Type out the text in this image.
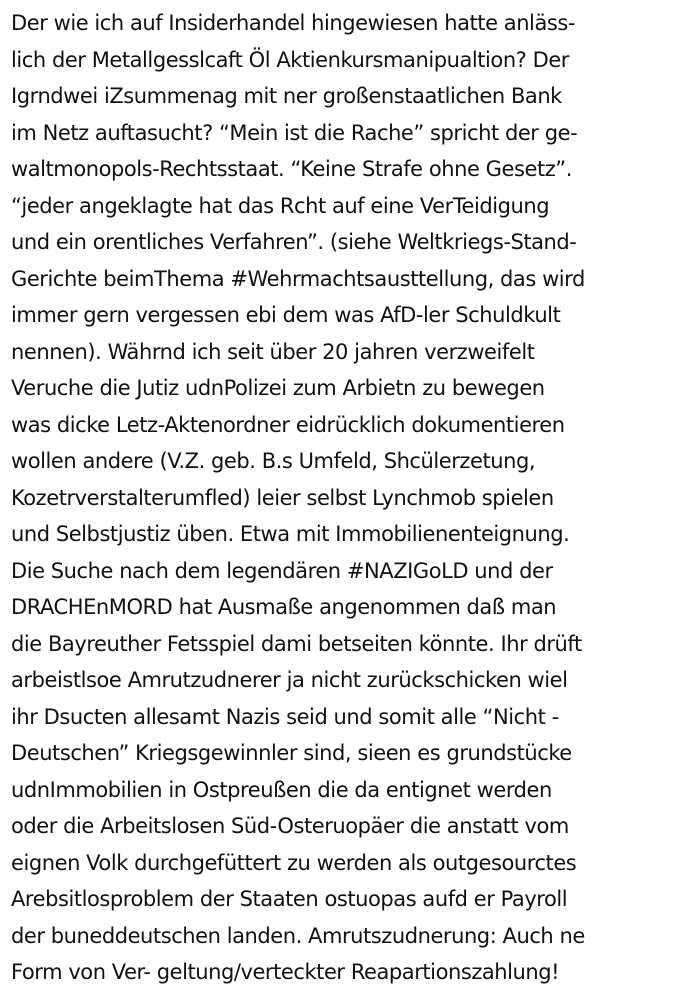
Der wie ich auf Insiderhandel hingewiesen hatte anläss-
lich der Metallgesslcaft Öl Aktienkursmanipualtion? Der
Igrndwei iZsummenag mit ner großenstaatlichen Bank
im Netz auftasucht? “Mein ist die Rache” spricht der ge-
waltmonopols-Rechtsstaat. “Keine Strafe ohne Gesetz”.
“jeder angeklagte hat das Rcht auf eine VerTeidigung
und ein orentliches Verfahren”. (siehe Weltkriegs-Stand-
Gerichte beimThema #Wehrmachtsausttellung, das wird
immer gern vergessen ebi dem was AfD-ler Schuldkult
nennen). Währnd ich seit über 20 jahren verzweifelt
Veruche die Jutiz udnPolizei zum Arbietn zu bewegen
was dicke Letz-Aktenordner eidrücklich dokumentieren
wollen andere (V.Z. geb. B.s Umfeld, Shcülerzetung,
Kozetrverstalterumfled) leier selbst Lynchmob spielen
und Selbstjustiz üben. Etwa mit Immobilienenteignung.
Die Suche nach dem legendären #NAZIGoLD und der
DRACHEnMORD hat Ausmaße angenommen daß man
die Bayreuther Fetsspiel dami betseiten könnte. Ihr drüft
arbeistlsoe Amrutzudnerer ja nicht zurückschicken wiel
ihr Dsucten allesamt Nazis seid und somit alle “Nicht -
Deutschen” Kriegsgewinnler sind, sieen es grundstücke
udnImmobilien in Ostpreußen die da entignet werden
oder die Arbeitslosen Süd-Osteruopäer die anstatt vom
eignen Volk durchgefüttert zu werden als outgesourctes
Arebsitlosproblem der Staaten ostuopas aufd er Payroll
der buneddeutschen landen. Amrutszudnerung: Auch ne
Form von Ver- geltung/verteckter Reapartionszahlung!
